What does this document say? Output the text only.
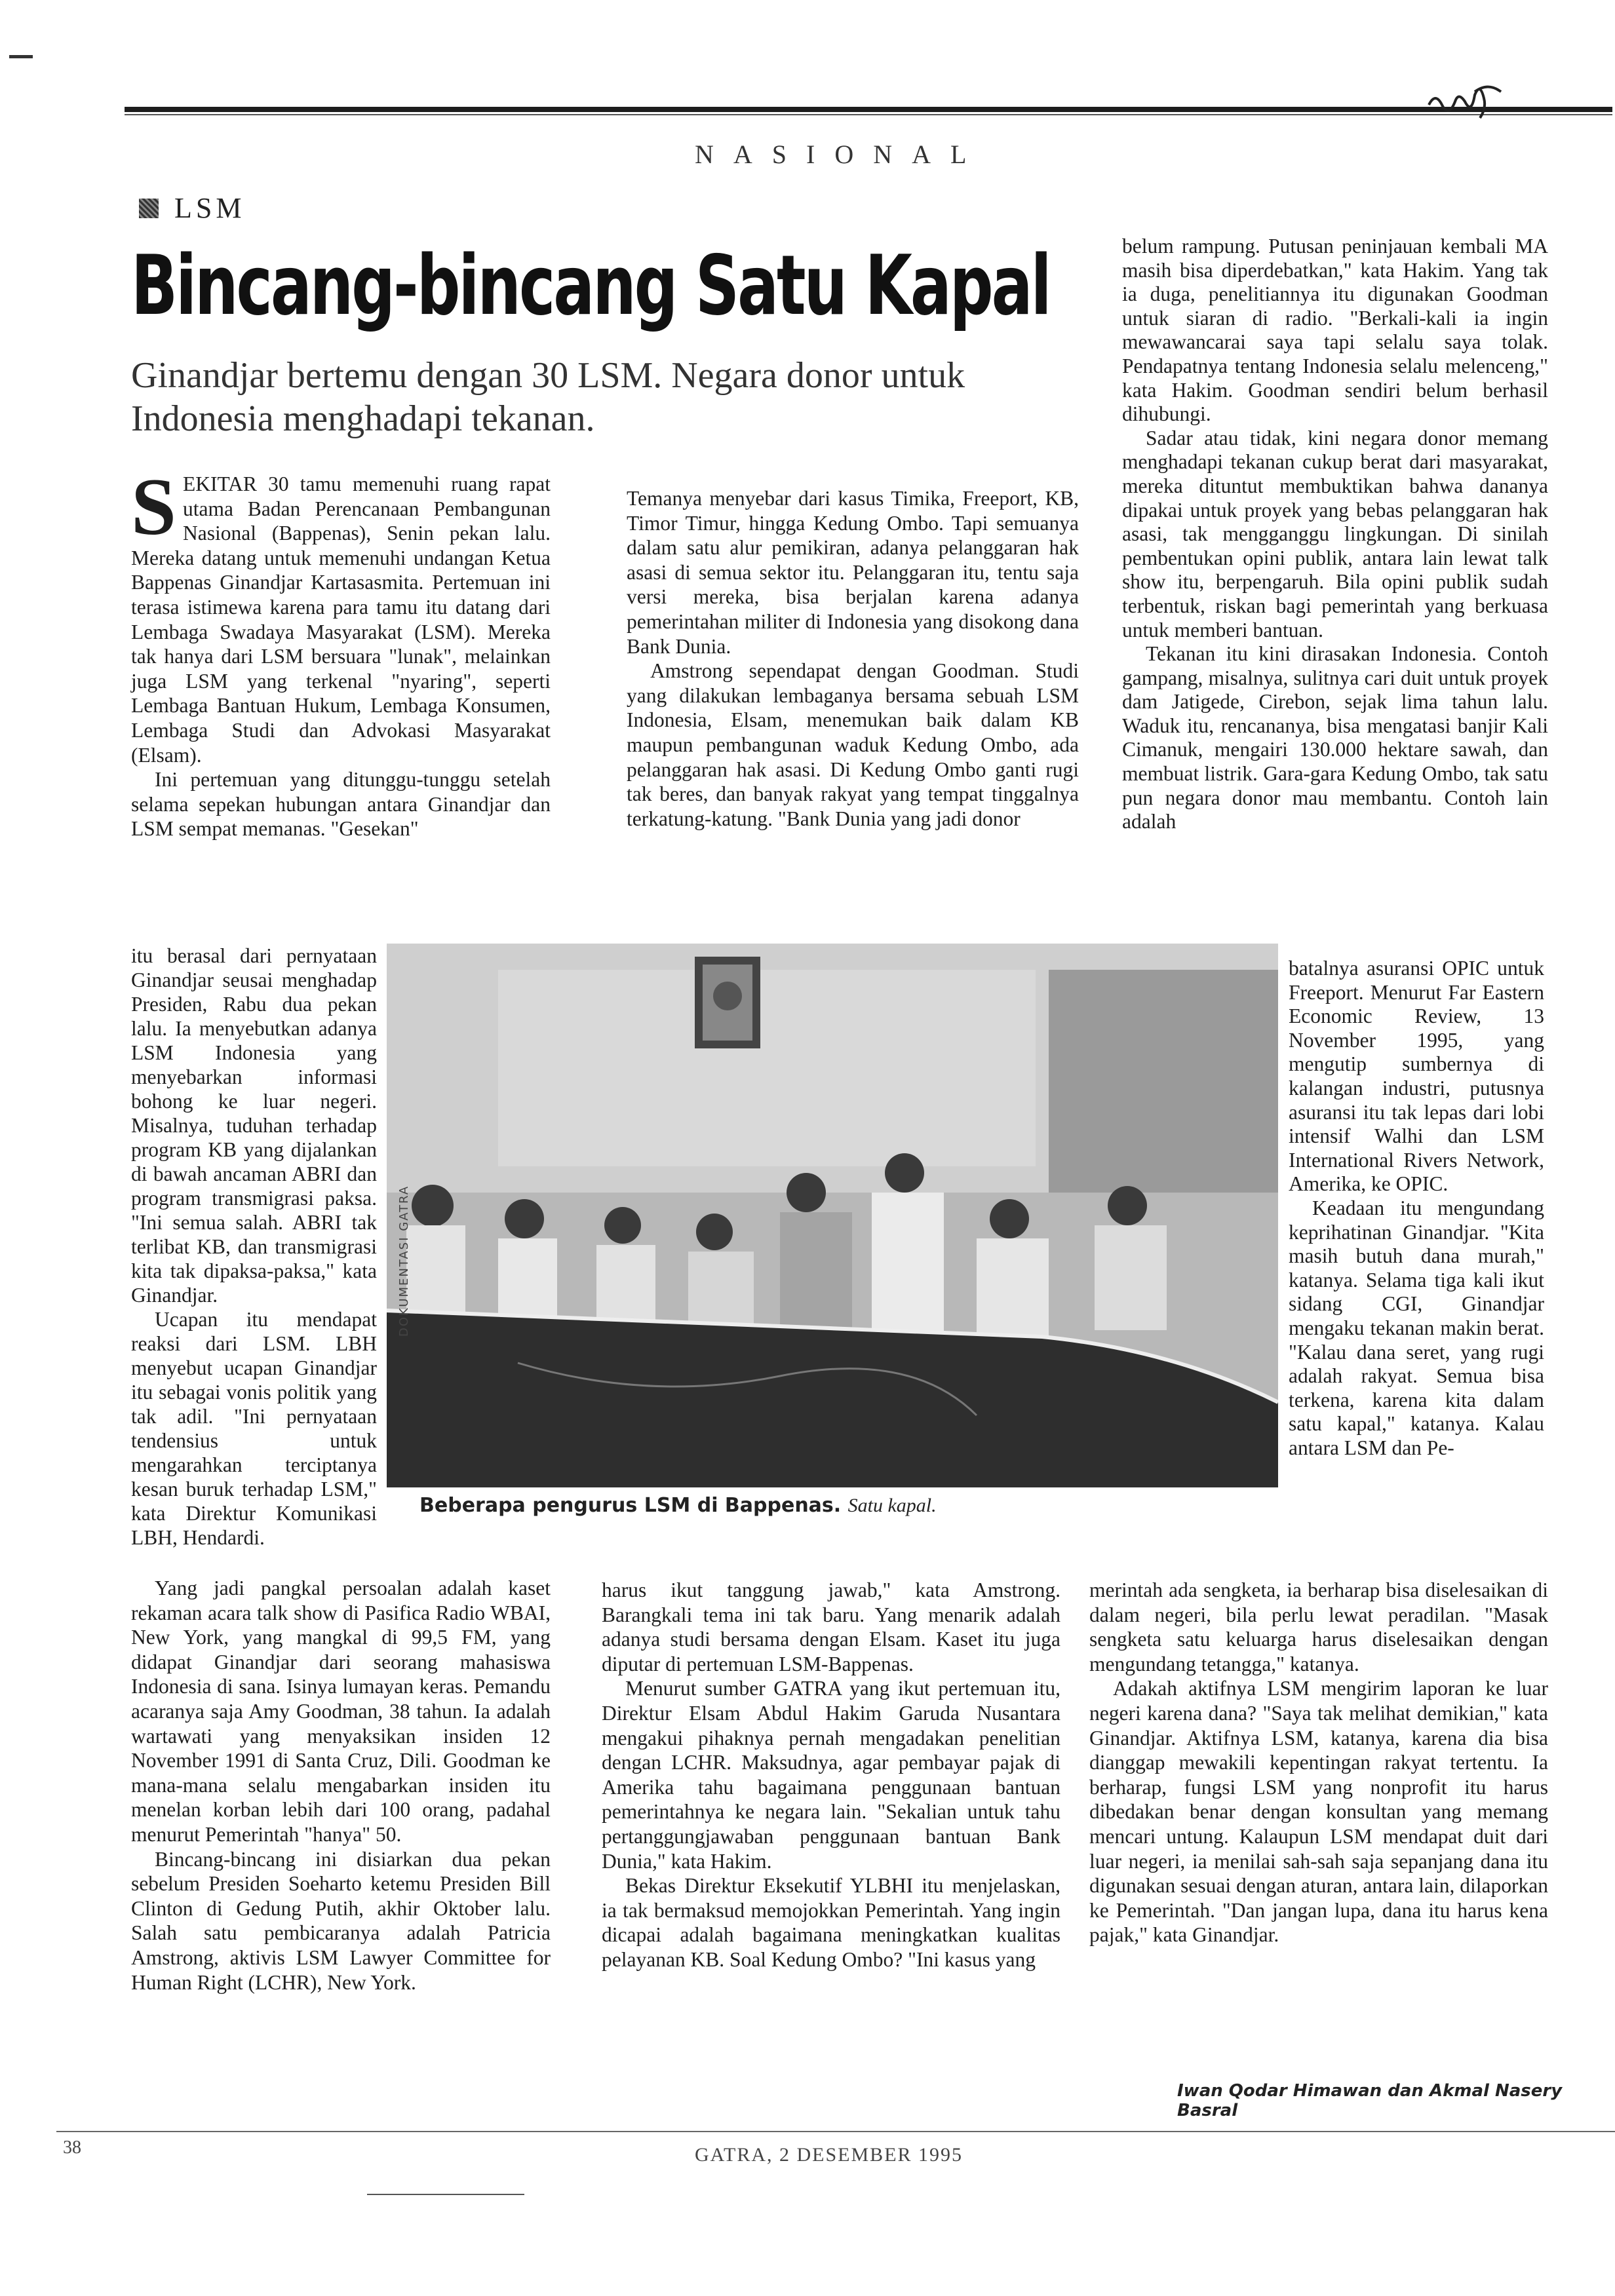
NASIONAL
LSM
Bincang-bincang Satu Kapal
Ginandjar bertemu dengan 30 LSM. Negara donor untuk Indonesia menghadapi tekanan.

SEKITAR 30 tamu memenuhi ruang rapat utama Badan Perencanaan Pembangunan Nasional (Bappenas), Senin pekan lalu. Mereka datang untuk memenuhi undangan Ketua Bappenas Ginandjar Kartasasmita. Pertemuan ini terasa istimewa karena para tamu itu datang dari Lembaga Swadaya Masyarakat (LSM). Mereka tak hanya dari LSM bersuara "lunak", melainkan juga LSM yang terkenal "nyaring", seperti Lembaga Bantuan Hukum, Lembaga Konsumen, Lembaga Studi dan Advokasi Masyarakat (Elsam).

Ini pertemuan yang ditunggu-tunggu setelah selama sepekan hubungan antara Ginandjar dan LSM sempat memanas. "Gesekan"

itu berasal dari pernyataan Ginandjar seusai menghadap Presiden, Rabu dua pekan lalu. Ia menyebutkan adanya LSM Indonesia yang menyebarkan informasi bohong ke luar negeri. Misalnya, tuduhan terhadap program KB yang dijalankan di bawah ancaman ABRI dan program transmigrasi paksa. "Ini semua salah. ABRI tak terlibat KB, dan transmigrasi kita tak dipaksa-paksa," kata Ginandjar.

Ucapan itu mendapat reaksi dari LSM. LBH menyebut ucapan Ginandjar itu sebagai vonis politik yang tak adil. "Ini pernyataan tendensius untuk mengarahkan terciptanya kesan buruk terhadap LSM," kata Direktur Komunikasi LBH, Hendardi.

Yang jadi pangkal persoalan adalah kaset rekaman acara talk show di Pasifica Radio WBAI, New York, yang mangkal di 99,5 FM, yang didapat Ginandjar dari seorang mahasiswa Indonesia di sana. Isinya lumayan keras. Pemandu acaranya saja Amy Goodman, 38 tahun. Ia adalah wartawati yang menyaksikan insiden 12 November 1991 di Santa Cruz, Dili. Goodman ke mana-mana selalu mengabarkan insiden itu menelan korban lebih dari 100 orang, padahal menurut Pemerintah "hanya" 50.

Bincang-bincang ini disiarkan dua pekan sebelum Presiden Soeharto ketemu Presiden Bill Clinton di Gedung Putih, akhir Oktober lalu. Salah satu pembicaranya adalah Patricia Amstrong, aktivis LSM Lawyer Committee for Human Right (LCHR), New York.

Temanya menyebar dari kasus Timika, Freeport, KB, Timor Timur, hingga Kedung Ombo. Tapi semuanya dalam satu alur pemikiran, adanya pelanggaran hak asasi di semua sektor itu. Pelanggaran itu, tentu saja versi mereka, bisa berjalan karena adanya pemerintahan militer di Indonesia yang disokong dana Bank Dunia.

Amstrong sependapat dengan Goodman. Studi yang dilakukan lembaganya bersama sebuah LSM Indonesia, Elsam, menemukan baik dalam KB maupun pembangunan waduk Kedung Ombo, ada pelanggaran hak asasi. Di Kedung Ombo ganti rugi tak beres, dan banyak rakyat yang tempat tinggalnya terkatung-katung. "Bank Dunia yang jadi donor

harus ikut tanggung jawab," kata Amstrong. Barangkali tema ini tak baru. Yang menarik adalah adanya studi bersama dengan Elsam. Kaset itu juga diputar di pertemuan LSM-Bappenas.

Menurut sumber GATRA yang ikut pertemuan itu, Direktur Elsam Abdul Hakim Garuda Nusantara mengakui pihaknya pernah mengadakan penelitian dengan LCHR. Maksudnya, agar pembayar pajak di Amerika tahu bagaimana penggunaan bantuan pemerintahnya ke negara lain. "Sekalian untuk tahu pertanggungjawaban penggunaan bantuan Bank Dunia," kata Hakim.

Bekas Direktur Eksekutif YLBHI itu menjelaskan, ia tak bermaksud memojokkan Pemerintah. Yang ingin dicapai adalah bagaimana meningkatkan kualitas pelayanan KB. Soal Kedung Ombo? "Ini kasus yang

belum rampung. Putusan peninjauan kembali MA masih bisa diperdebatkan," kata Hakim. Yang tak ia duga, penelitiannya itu digunakan Goodman untuk siaran di radio. "Berkali-kali ia ingin mewawancarai saya tapi selalu saya tolak. Pendapatnya tentang Indonesia selalu melenceng," kata Hakim. Goodman sendiri belum berhasil dihubungi.

Sadar atau tidak, kini negara donor memang menghadapi tekanan cukup berat dari masyarakat, mereka dituntut membuktikan bahwa dananya dipakai untuk proyek yang bebas pelanggaran hak asasi, tak mengganggu lingkungan. Di sinilah pembentukan opini publik, antara lain lewat talk show itu, berpengaruh. Bila opini publik sudah terbentuk, riskan bagi pemerintah yang berkuasa untuk memberi bantuan.

Tekanan itu kini dirasakan Indonesia. Contoh gampang, misalnya, sulitnya cari duit untuk proyek dam Jatigede, Cirebon, sejak lima tahun lalu. Waduk itu, rencananya, bisa mengatasi banjir Kali Cimanuk, mengairi 130.000 hektare sawah, dan membuat listrik. Gara-gara Kedung Ombo, tak satu pun negara donor mau membantu. Contoh lain adalah

batalnya asuransi OPIC untuk Freeport. Menurut Far Eastern Economic Review, 13 November 1995, yang mengutip sumbernya di kalangan industri, putusnya asuransi itu tak lepas dari lobi intensif Walhi dan LSM International Rivers Network, Amerika, ke OPIC.

Keadaan itu mengundang keprihatinan Ginandjar. "Kita masih butuh dana murah," katanya. Selama tiga kali ikut sidang CGI, Ginandjar mengaku tekanan makin berat. "Kalau dana seret, yang rugi adalah rakyat. Semua bisa terkena, karena kita dalam satu kapal," katanya. Kalau antara LSM dan Pe-

merintah ada sengketa, ia berharap bisa diselesaikan di dalam negeri, bila perlu lewat peradilan. "Masak sengketa satu keluarga harus diselesaikan dengan mengundang tetangga," katanya.

Adakah aktifnya LSM mengirim laporan ke luar negeri karena dana? "Saya tak melihat demikian," kata Ginandjar. Aktifnya LSM, katanya, karena dia bisa dianggap mewakili kepentingan rakyat tertentu. Ia berharap, fungsi LSM yang nonprofit itu harus dibedakan benar dengan konsultan yang memang mencari untung. Kalaupun LSM mendapat duit dari luar negeri, ia menilai sah-sah saja sepanjang dana itu digunakan sesuai dengan aturan, antara lain, dilaporkan ke Pemerintah. "Dan jangan lupa, dana itu harus kena pajak," kata Ginandjar.

DOKUMENTASI GATRA
Beberapa pengurus LSM di Bappenas. Satu kapal.
Iwan Qodar Himawan dan Akmal Nasery Basral
38	GATRA, 2 DESEMBER 1995
